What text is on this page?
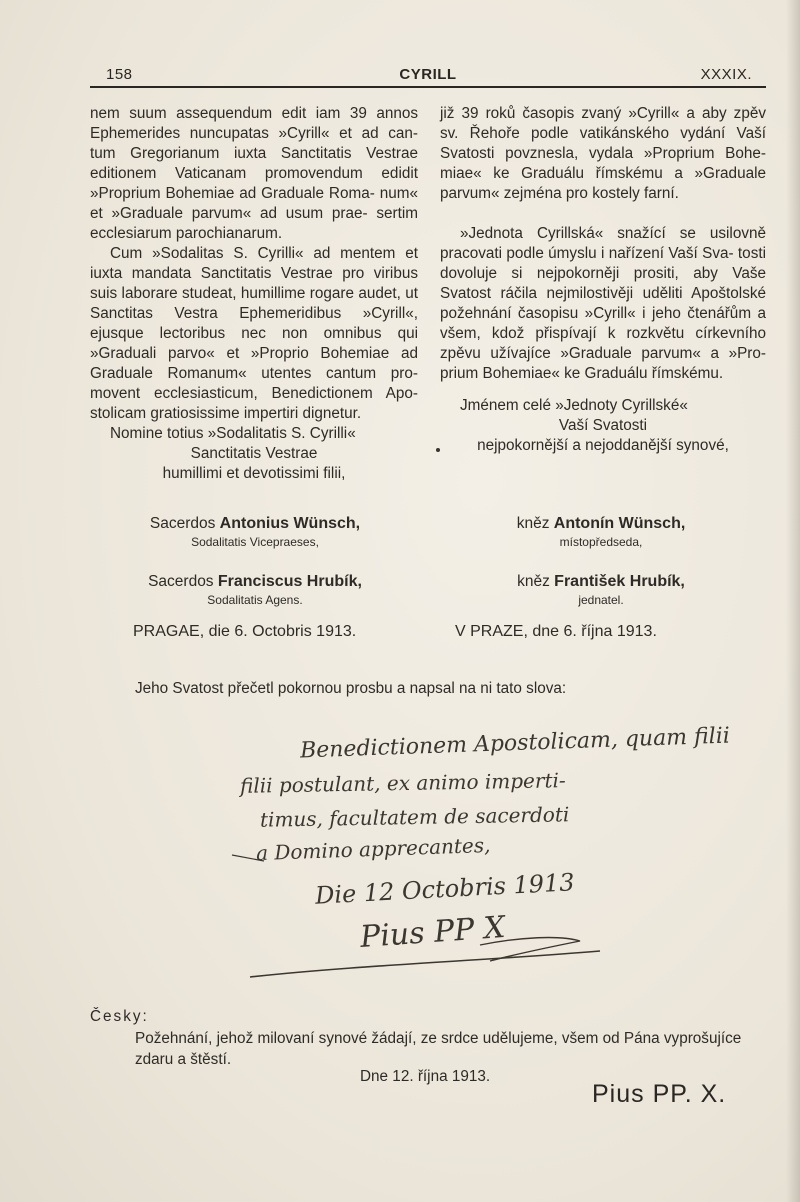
158	CYRILL	XXXIX.

nem suum assequendum edit iam 39 annos Ephemerides nuncupatas »Cyrill« et ad can- tum Gregorianum iuxta Sanctitatis Vestrae editionem Vaticanam promovendum edidit »Proprium Bohemiae ad Graduale Roma- num« et »Graduale parvum« ad usum prae- sertim ecclesiarum parochianarum.

Cum »Sodalitas S. Cyrilli« ad mentem et iuxta mandata Sanctitatis Vestrae pro viribus suis laborare studeat, humillime rogare audet, ut Sanctitas Vestra Ephemeridibus »Cyrill«, ejusque lectoribus nec non omnibus qui »Graduali parvo« et »Proprio Bohemiae ad Graduale Romanum« utentes cantum pro- movent ecclesiasticum, Benedictionem Apo- stolicam gratiosissime impertiri dignetur.

Nomine totius »Sodalitatis S. Cyrilli«

Sanctitatis Vestrae

humillimi et devotissimi filii,

již 39 roků časopis zvaný »Cyrill« a aby zpěv sv. Řehoře podle vatikánského vydání Vaší Svatosti povznesla, vydala »Proprium Bohe- miae« ke Graduálu římskému a »Graduale parvum« zejména pro kostely farní.

»Jednota Cyrillská« snažící se usilovně pracovati podle úmyslu i nařízení Vaší Sva- tosti dovoluje si nejpokorněji prositi, aby Vaše Svatost ráčila nejmilostivěji uděliti Apoštolské požehnání časopisu »Cyrill« i jeho čtenářům a všem, kdož přispívají k rozkvětu církevního zpěvu užívajíce »Graduale parvum« a »Pro- prium Bohemiae« ke Graduálu římskému.

Jménem celé »Jednoty Cyrillské«

Vaší Svatosti

nejpokornější a nejoddanější synové,

Sacerdos Antonius Wünsch,
Sodalitatis Vicepraeses,
Sacerdos Franciscus Hrubík,
Sodalitatis Agens.
kněz Antonín Wünsch,
místopředseda,
kněz František Hrubík,
jednatel.
PRAGAE, die 6. Octobris 1913.	V PRAZE, dne 6. října 1913.
Jeho Svatost přečetl pokornou prosbu a napsal na ni tato slova:
Benedictionem Apostolicam, quam filii
filii postulant, ex animo imperti-
timus, facultatem de sacerdoti
a Domino apprecantes,
Die 12 Octobris 1913
Pius PP X
Česky:
Požehnání, jehož milovaní synové žádají, ze srdce udělujeme, všem od Pána vyprošujíce zdaru a štěstí.
Dne 12. října 1913.
Pius PP. X.
